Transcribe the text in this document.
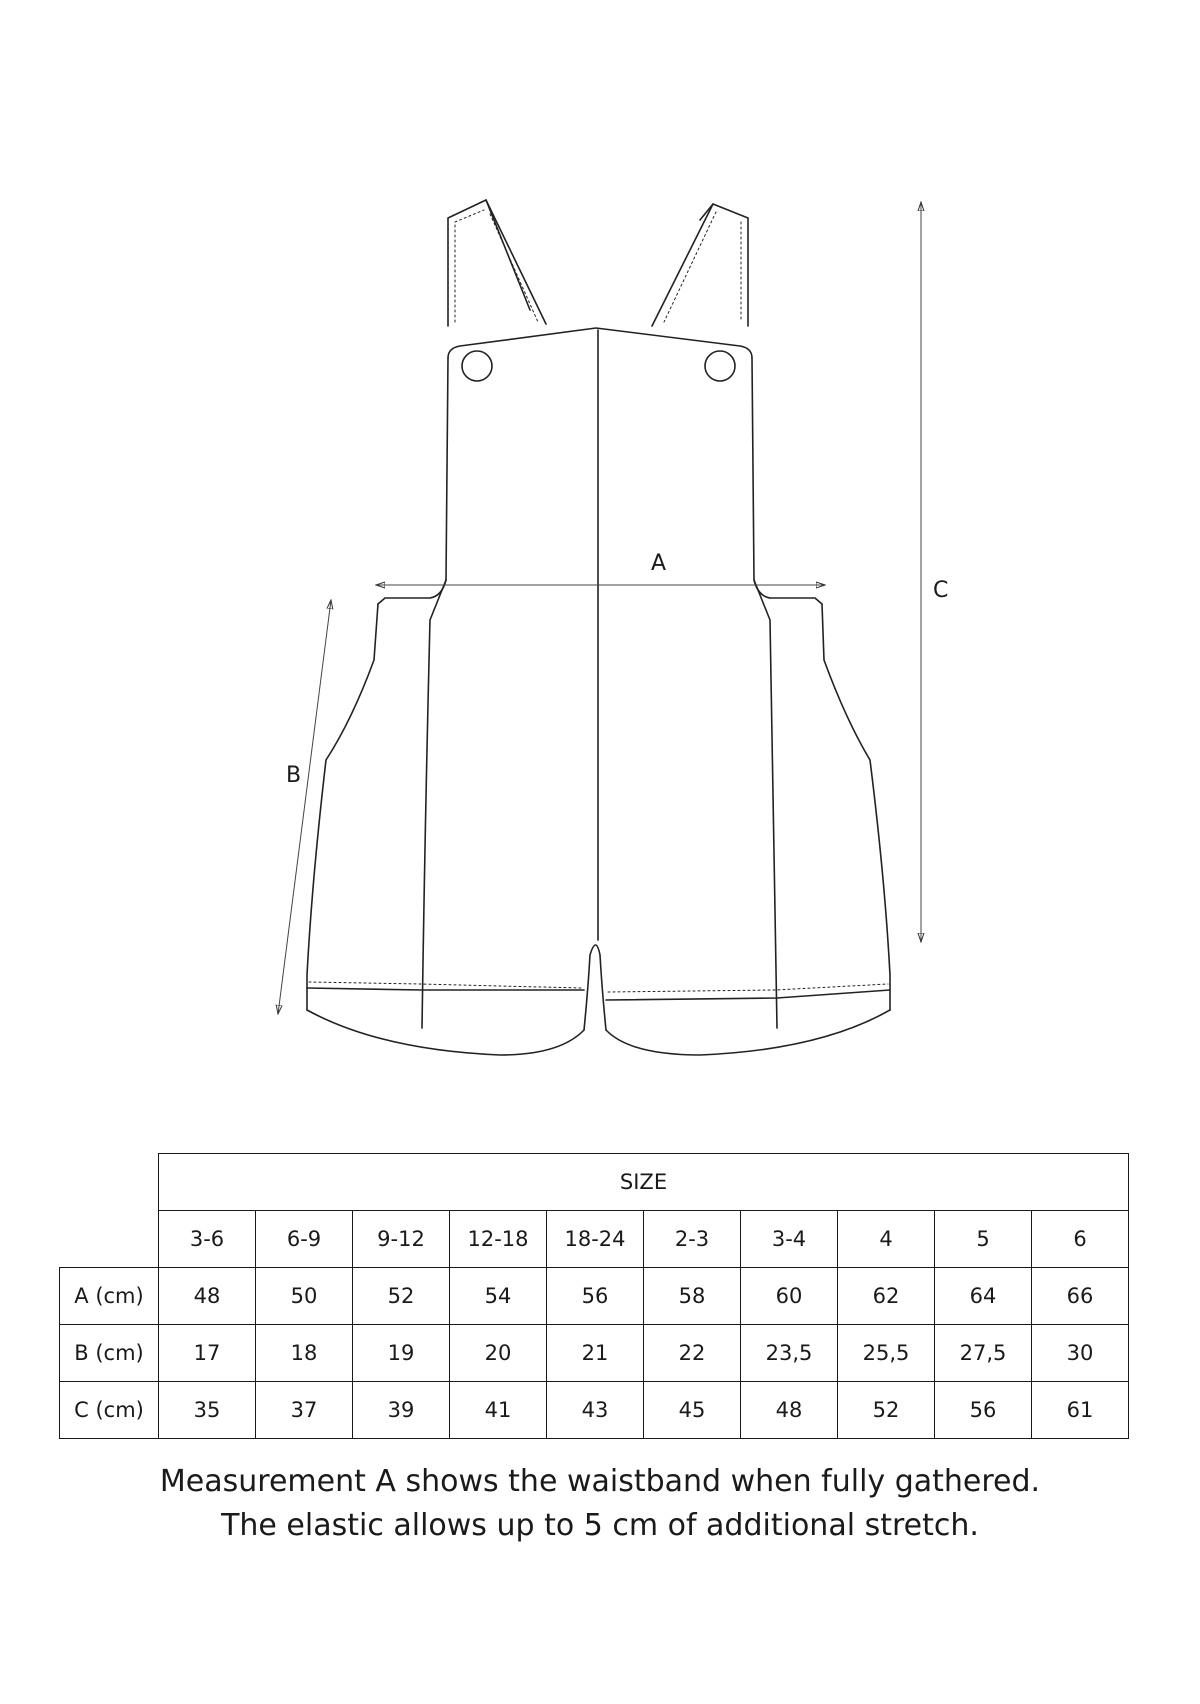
A
B
C
	SIZE									
	3-6	6-9	9-12	12-18	18-24	2-3	3-4	4	5	6
A (cm)	48	50	52	54	56	58	60	62	64	66
B (cm)	17	18	19	20	21	22	23,5	25,5	27,5	30
C (cm)	35	37	39	41	43	45	48	52	56	61
Measurement A shows the waistband when fully gathered.
The elastic allows up to 5 cm of additional stretch.
